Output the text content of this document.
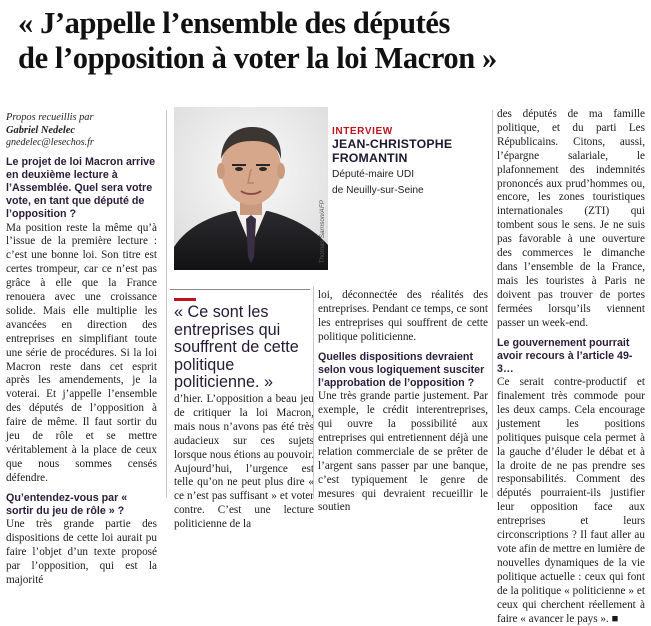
« J’appelle l’ensemble des députés
de l’opposition à voter la loi Macron »
Propos recueillis par
Gabriel Nedelec
gnedelec@lesechos.fr

Le projet de loi Macron arrive en deuxième lecture à l’Assemblée. Quel sera votre vote, en tant que député de l’opposition ?

Ma position reste la même qu’à l’issue de la première lecture : c’est une bonne loi. Son titre est certes trompeur, car ce n’est pas grâce à elle que la France renouera avec une croissance solide. Mais elle multiplie les avancées en direction des entreprises en simplifiant toute une série de procédures. Si la loi Macron reste dans cet esprit après les amendements, je la voterai. Et j’appelle l’ensemble des députés de l’opposition à faire de même. Il faut sortir du jeu de rôle et se mettre véritablement à la place de ceux que nous sommes censés défendre.

Qu’entendez-vous par « sortir du jeu de rôle » ?

Une très grande partie des dispositions de cette loi aurait pu faire l’objet d’un texte proposé par l’opposition, qui est la majorité

Thomas Samson/AFP
INTERVIEW
JEAN-CHRISTOPHE
FROMANTIN
Député-maire UDI
de Neuilly-sur-Seine
« Ce sont les entreprises qui souffrent de cette politique politicienne. »

d’hier. L’opposition a beau jeu de critiquer la loi Macron, mais nous n’avons pas été très audacieux sur ces sujets lorsque nous étions au pouvoir. Aujourd’hui, l’urgence est telle qu’on ne peut plus dire « ce n’est pas suffisant » et voter contre. C’est une lecture politicienne de la

loi, déconnectée des réalités des entreprises. Pendant ce temps, ce sont les entreprises qui souffrent de cette politique politicienne.

Quelles dispositions devraient selon vous logiquement susciter l’approbation de l’opposition ?

Une très grande partie justement. Par exemple, le crédit interentreprises, qui ouvre la possibilité aux entreprises qui entretiennent déjà une relation commerciale de se prêter de l’argent sans passer par une banque, c’est typiquement le genre de mesures qui devraient recueillir le soutien

des députés de ma famille politique, et du parti Les Républicains. Citons, aussi, l’épargne salariale, le plafonnement des indemnités prononcés aux prud’hommes ou, encore, les zones touristiques internationales (ZTI) qui tombent sous le sens. Je ne suis pas favorable à une ouverture des commerces le dimanche dans l’ensemble de la France, mais les touristes à Paris ne doivent pas trouver de portes fermées lorsqu’ils viennent passer un week-end.

Le gouvernement pourrait avoir recours à l’article 49-3…

Ce serait contre-productif et finalement très commode pour les deux camps. Cela encourage justement les positions politiques puisque cela permet à la gauche d’éluder le débat et à la droite de ne pas prendre ses responsabilités. Comment des députés pourraient-ils justifier leur opposition face aux entreprises et leurs circonscriptions ? Il faut aller au vote afin de mettre en lumière de nouvelles dynamiques de la vie politique actuelle : ceux qui font de la politique « politicienne » et ceux qui cherchent réellement à faire « avancer le pays ». ■
